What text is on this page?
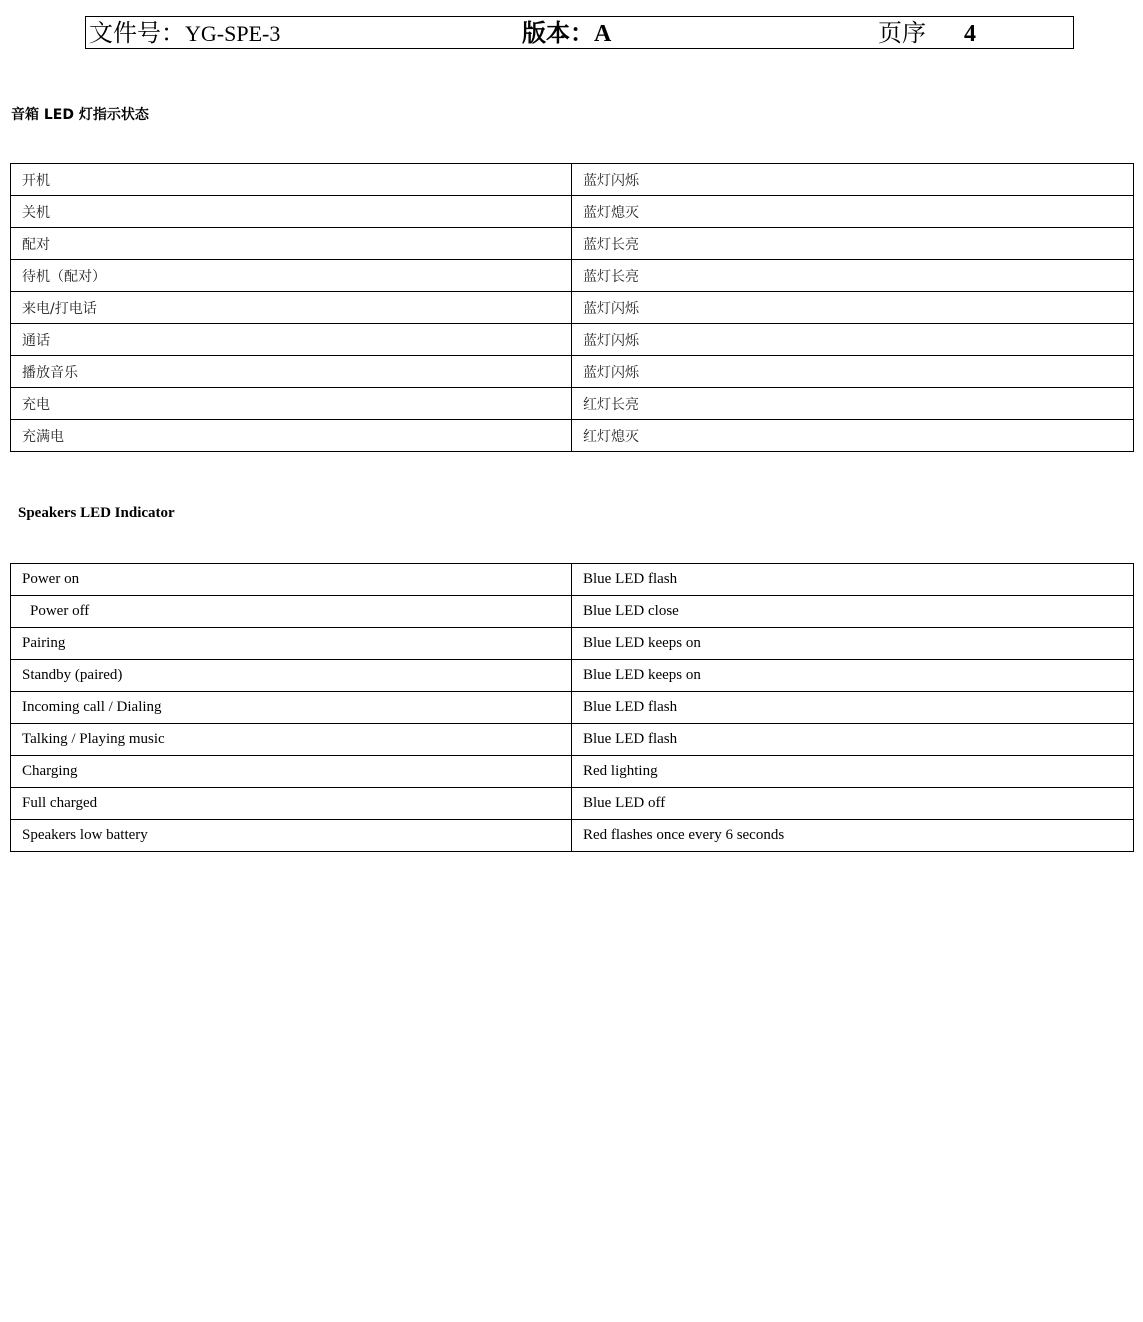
文件号：YG-SPE-3	版本：A	页序 4
音箱 LED 灯指示状态
开机	蓝灯闪烁
关机	蓝灯熄灭
配对	蓝灯长亮
待机（配对）	蓝灯长亮
来电/打电话	蓝灯闪烁
通话	蓝灯闪烁
播放音乐	蓝灯闪烁
充电	红灯长亮
充满电	红灯熄灭
Speakers LED Indicator
Power on	Blue LED flash
Power off	Blue LED close
Pairing	Blue LED keeps on
Standby (paired)	Blue LED keeps on
Incoming call / Dialing	Blue LED flash
Talking / Playing music	Blue LED flash
Charging	Red lighting
Full charged	Blue LED off
Speakers low battery	Red flashes once every 6 seconds
